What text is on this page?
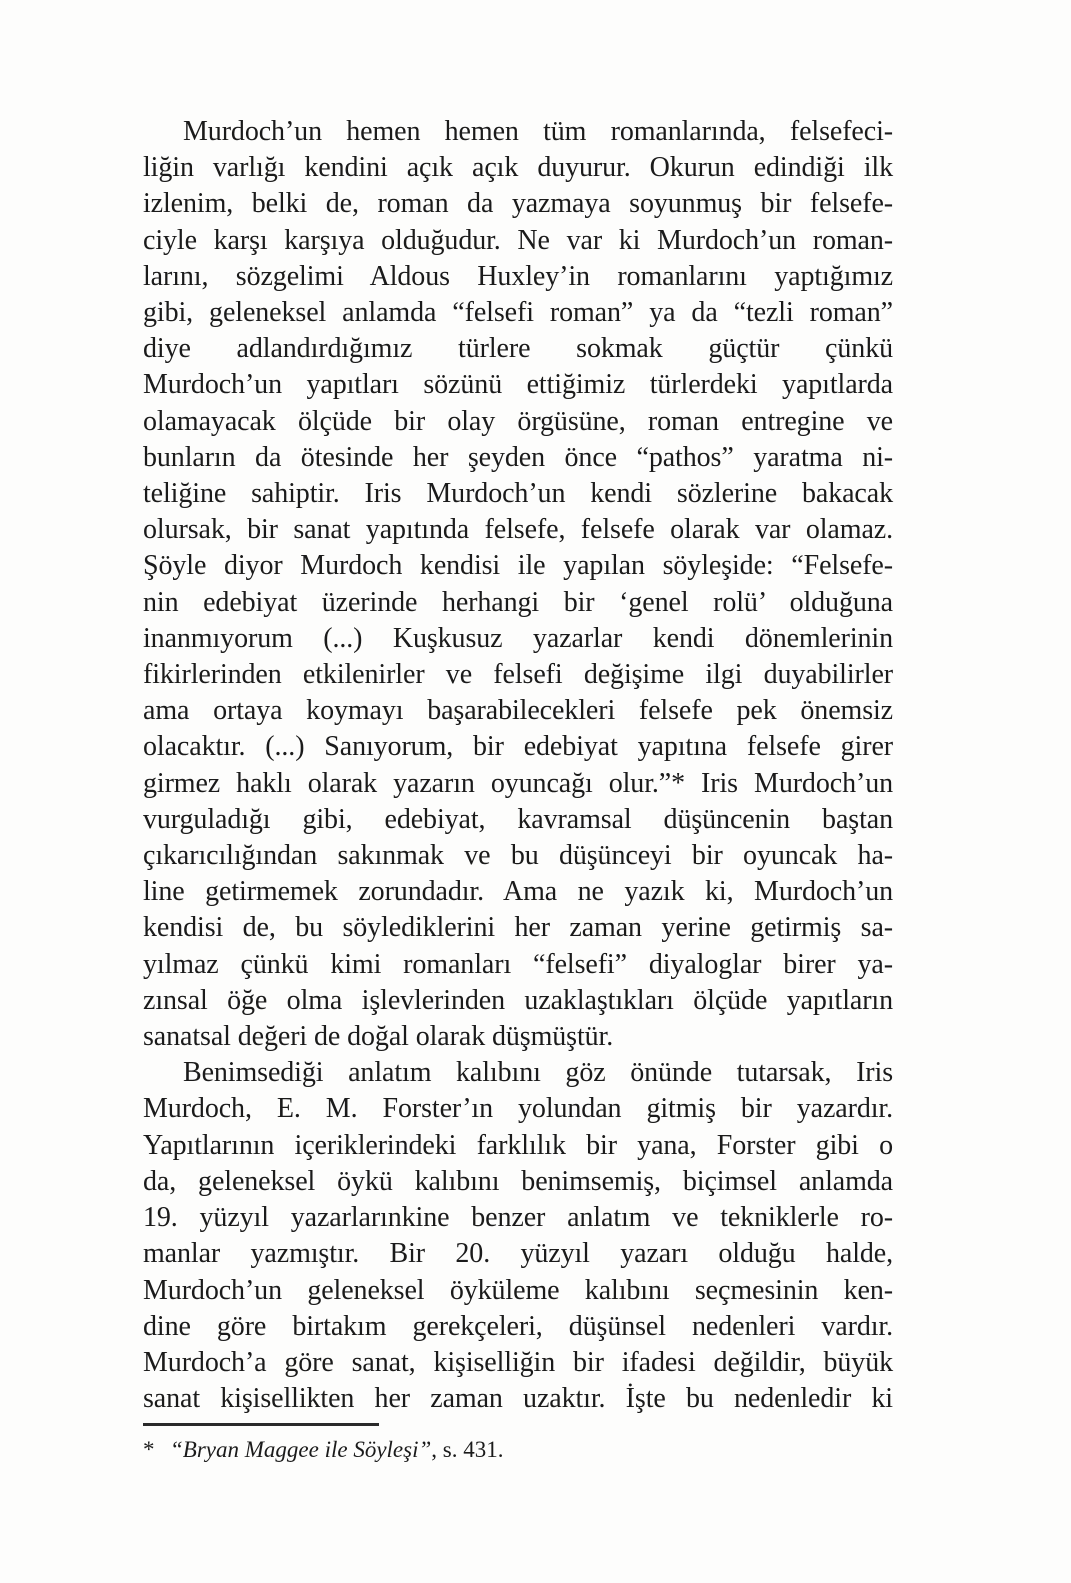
Murdoch’un hemen hemen tüm romanlarında, felsefeci-
liğin varlığı kendini açık açık duyurur. Okurun edindiği ilk
izlenim, belki de, roman da yazmaya soyunmuş bir felsefe-
ciyle karşı karşıya olduğudur. Ne var ki Murdoch’un roman-
larını, sözgelimi Aldous Huxley’in romanlarını yaptığımız
gibi, geleneksel anlamda “felsefi roman” ya da “tezli roman”
diye adlandırdığımız türlere sokmak güçtür çünkü
Murdoch’un yapıtları sözünü ettiğimiz türlerdeki yapıtlarda
olamayacak ölçüde bir olay örgüsüne, roman entregine ve
bunların da ötesinde her şeyden önce “pathos” yaratma ni-
teliğine sahiptir. Iris Murdoch’un kendi sözlerine bakacak
olursak, bir sanat yapıtında felsefe, felsefe olarak var olamaz.
Şöyle diyor Murdoch kendisi ile yapılan söyleşide: “Felsefe-
nin edebiyat üzerinde herhangi bir ‘genel rolü’ olduğuna
inanmıyorum (...) Kuşkusuz yazarlar kendi dönemlerinin
fikirlerinden etkilenirler ve felsefi değişime ilgi duyabilirler
ama ortaya koymayı başarabilecekleri felsefe pek önemsiz
olacaktır. (...) Sanıyorum, bir edebiyat yapıtına felsefe girer
girmez haklı olarak yazarın oyuncağı olur.”* Iris Murdoch’un
vurguladığı gibi, edebiyat, kavramsal düşüncenin baştan
çıkarıcılığından sakınmak ve bu düşünceyi bir oyuncak ha-
line getirmemek zorundadır. Ama ne yazık ki, Murdoch’un
kendisi de, bu söylediklerini her zaman yerine getirmiş sa-
yılmaz çünkü kimi romanları “felsefi” diyaloglar birer ya-
zınsal öğe olma işlevlerinden uzaklaştıkları ölçüde yapıtların
sanatsal değeri de doğal olarak düşmüştür.
Benimsediği anlatım kalıbını göz önünde tutarsak, Iris
Murdoch, E. M. Forster’ın yolundan gitmiş bir yazardır.
Yapıtlarının içeriklerindeki farklılık bir yana, Forster gibi o
da, geleneksel öykü kalıbını benimsemiş, biçimsel anlamda
19. yüzyıl yazarlarınkine benzer anlatım ve tekniklerle ro-
manlar yazmıştır. Bir 20. yüzyıl yazarı olduğu halde,
Murdoch’un geleneksel öyküleme kalıbını seçmesinin ken-
dine göre birtakım gerekçeleri, düşünsel nedenleri vardır.
Murdoch’a göre sanat, kişiselliğin bir ifadesi değildir, büyük
sanat kişisellikten her zaman uzaktır. İşte bu nedenledir ki
* “Bryan Maggee ile Söyleşi”, s. 431.
